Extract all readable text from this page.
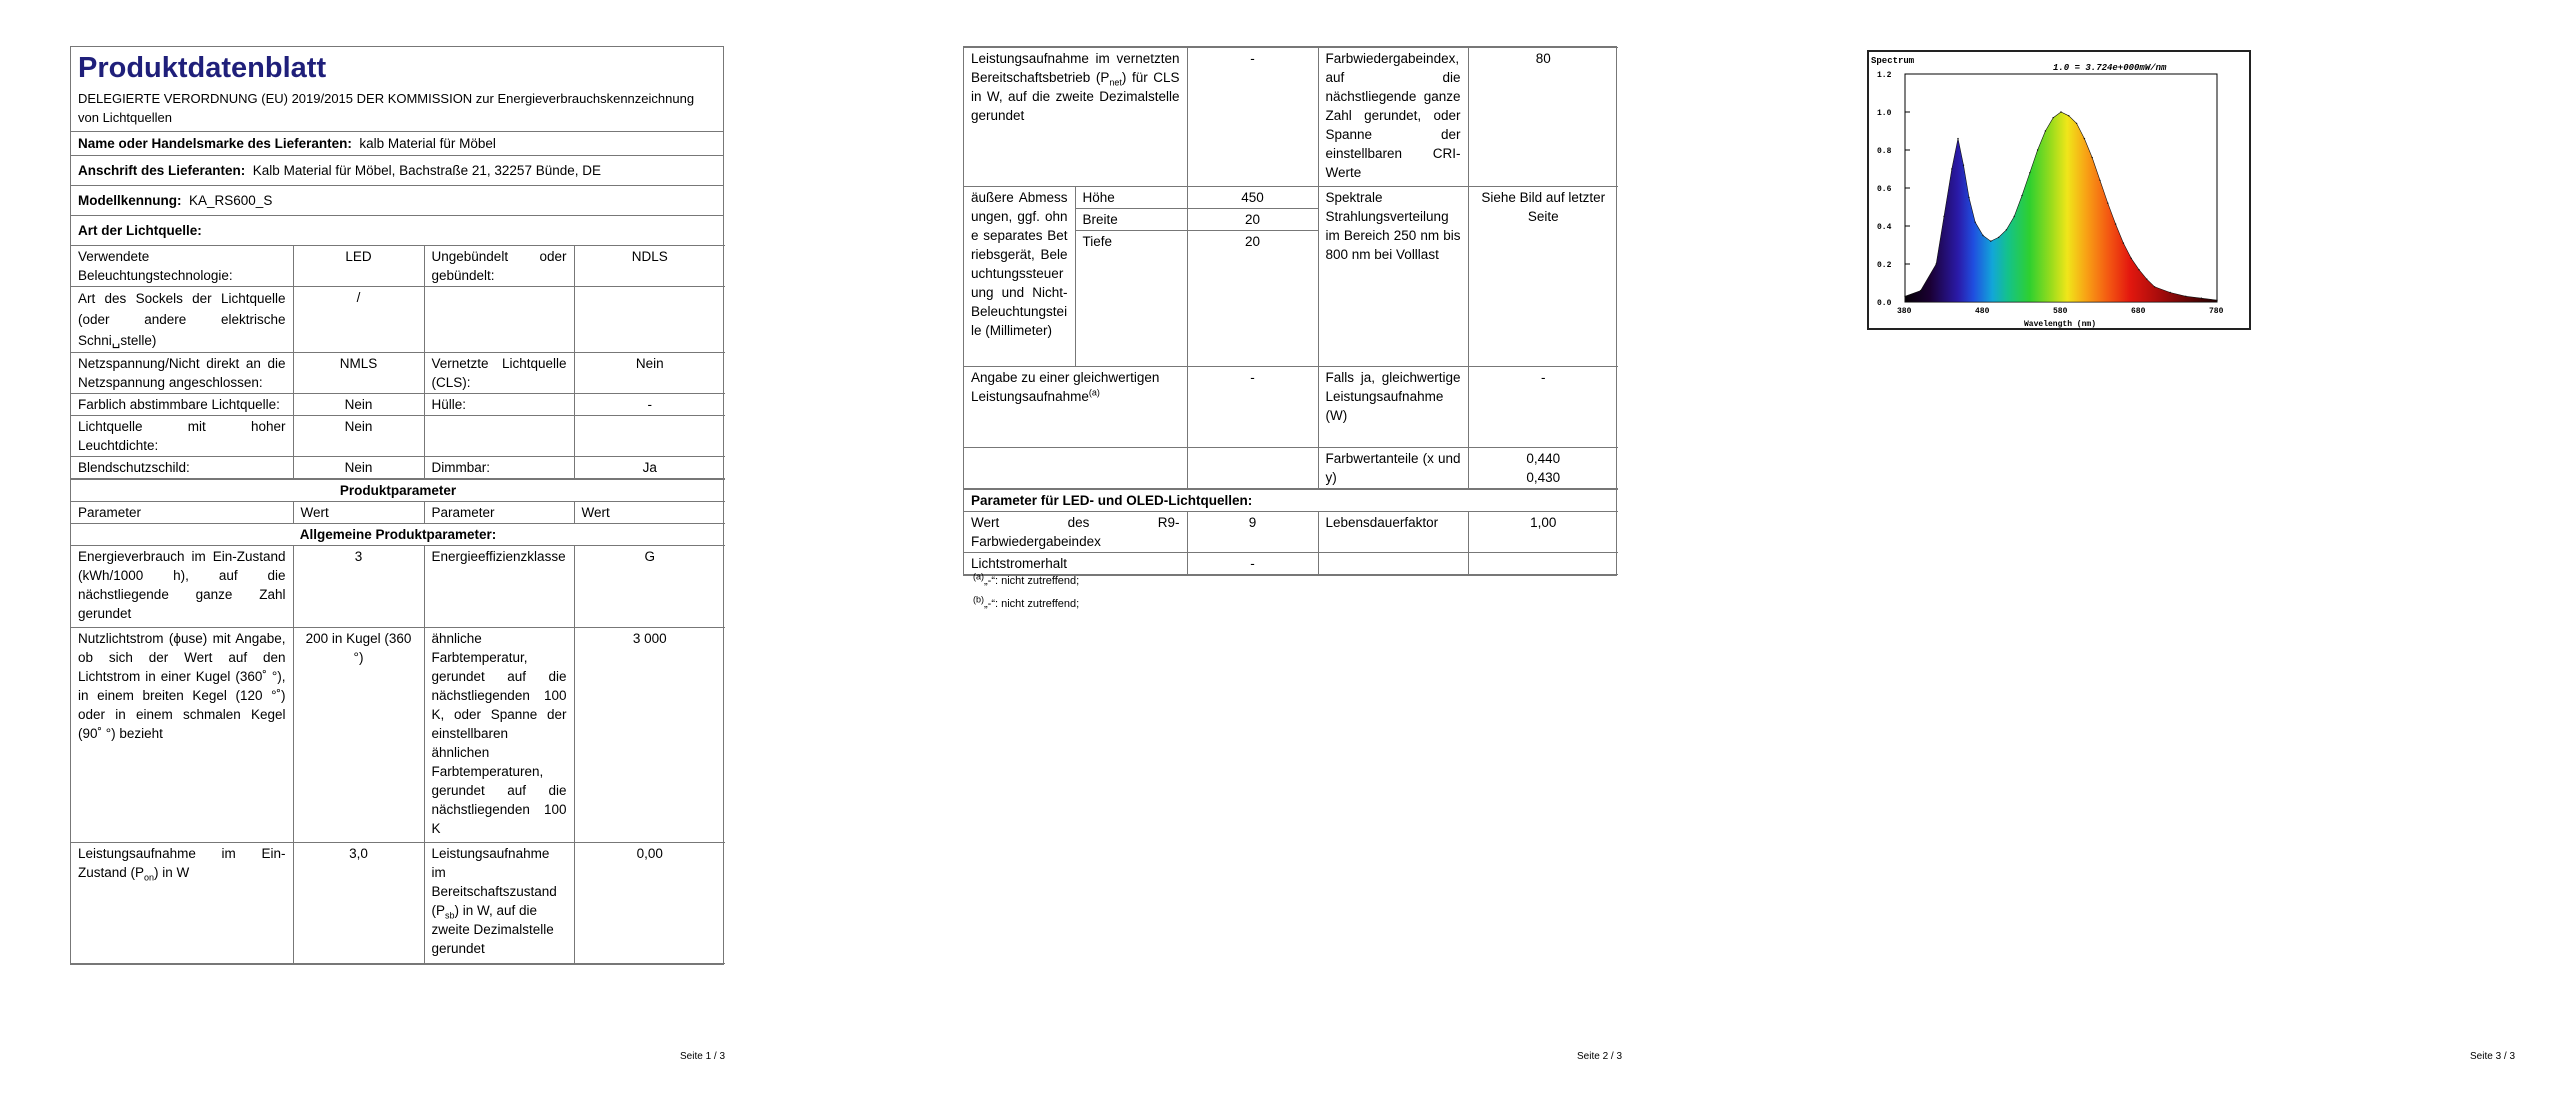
Produktdatenblatt
DELEGIERTE VERORDNUNG (EU) 2019/2015 DER KOMMISSION zur Energieverbrauchskennzeichnung von Lichtquellen
Name oder Handelsmarke des Lieferanten: kalb Material für Möbel
Anschrift des Lieferanten: Kalb Material für Möbel, Bachstraße 21, 32257 Bünde, DE
Modellkennung: KA_RS600_S
Art der Lichtquelle:
Verwendete Beleuchtungstechnologie:	LED	Ungebündelt oder gebündelt:	NDLS
Art des Sockels der Lichtquelle (oder andere elektrische Schni␣stelle)	/		
Netzspannung/Nicht direkt an die Netzspannung angeschlossen:	NMLS	Vernetzte Lichtquelle (CLS):	Nein
Farblich abstimmbare Lichtquelle:	Nein	Hülle:	-
Lichtquelle mit hoher Leuchtdichte:	Nein		
Blendschutzschild:	Nein	Dimmbar:	Ja
Produktparameter			
Parameter	Wert	Parameter	Wert
Allgemeine Produktparameter:			
Energieverbrauch im Ein-Zustand (kWh/1000 h), auf die nächstliegende ganze Zahl gerundet	3	Energieeffizienzklasse	G
Nutzlichtstrom (ϕuse) mit Angabe, ob sich der Wert auf den Lichtstrom in einer Kugel (360˚ °), in einem breiten Kegel (120 °˚) oder in einem schmalen Kegel (90˚ °) bezieht	200 in Kugel (360 °)	ähnliche Farbtemperatur, gerundet auf die nächstliegenden 100 K, oder Spanne der einstellbaren ähnlichen Farbtemperaturen, gerundet auf die nächstliegenden 100 K	3 000
Leistungsaufnahme im Ein-Zustand $(P_{on})$ in W	3,0	Leistungsaufnahme im Bereitschaftszustand $(P_{sb})$ in W, auf die zweite Dezimalstelle gerundet	0,00
Seite 1 / 3
Leistungsaufnahme im vernetzten Bereitschaftsbetrieb $(P_{net})$ für CLS in W, auf die zweite Dezimalstelle gerundet		-	Farbwiedergabeindex, auf die nächstliegende ganze Zahl gerundet, oder Spanne der einstellbaren CRI-Werte	80
äußere Abmessungen, ggf. ohne separates Betriebsgerät, Beleuchtungssteuerung und Nicht-Beleuchtungsteile (Millimeter)	Höhe	450	Spektrale Strahlungsverteilung im Bereich 250 nm bis 800 nm bei Volllast	Siehe Bild auf letzter Seite
	Breite	20		
	Tiefe	20		
Angabe zu einer gleichwertigen Leistungsaufnahme$^{(a)}$		-	Falls ja, gleichwertige Leistungsaufnahme (W)	-
			Farbwertanteile (x und y)	0,440
0,430

Parameter für LED- und OLED-Lichtquellen:				
Wert des R9-Farbwiedergabeindex		9	Lebensdauerfaktor	1,00
Lichtstromerhalt		-		
$^{(a)}$„-“: nicht zutreffend;
$^{(b)}$„-“: nicht zutreffend;
Seite 2 / 3
Spectrum
1.0 = 3.724e+000mW/nm
0.0
0.2
0.4
0.6
0.8
1.0
1.2
380	480	580	680	780
Wavelength (nm)
Seite 3 / 3
